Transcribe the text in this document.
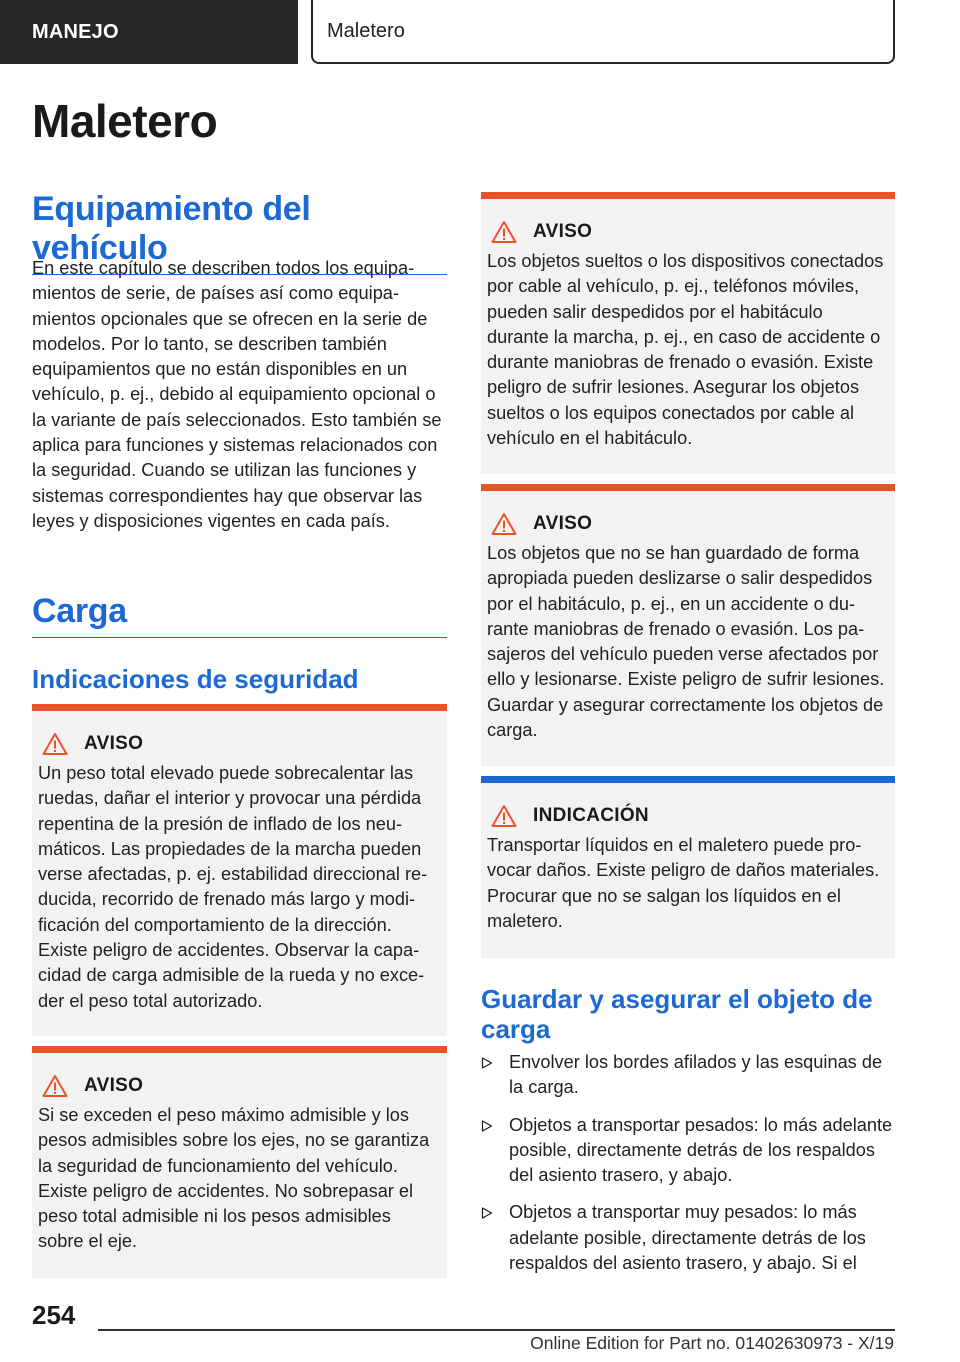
MANEJO	Maletero
Maletero
Equipamiento del vehículo

En este capítulo se describen todos los equipamientos de serie, de países así como equipamientos opcionales que se ofrecen en la serie de modelos. Por lo tanto, se describen también equipamientos que no están disponibles en un vehículo, p. ej., debido al equipamiento opcional o la variante de país seleccionados. Esto también se aplica para funciones y sistemas relacionados con la seguridad. Cuando se utilizan las funciones y sistemas correspondientes hay que observar las leyes y disposiciones vigentes en cada país.

Carga
Indicaciones de seguridad
AVISO

Un peso total elevado puede sobrecalentar las ruedas, dañar el interior y provocar una pérdida repentina de la presión de inflado de los neumáticos. Las propiedades de la marcha pueden verse afectadas, p. ej. estabilidad direccional reducida, recorrido de frenado más largo y modificación del comportamiento de la dirección. Existe peligro de accidentes. Observar la capacidad de carga admisible de la rueda y no exceder el peso total autorizado.

AVISO

Si se exceden el peso máximo admisible y los pesos admisibles sobre los ejes, no se garantiza la seguridad de funcionamiento del vehículo. Existe peligro de accidentes. No sobrepasar el peso total admisible ni los pesos admisibles sobre el eje.

AVISO

Los objetos sueltos o los dispositivos conectados por cable al vehículo, p. ej., teléfonos móviles, pueden salir despedidos por el habitáculo durante la marcha, p. ej., en caso de accidente o durante maniobras de frenado o evasión. Existe peligro de sufrir lesiones. Asegurar los objetos sueltos o los equipos conectados por cable al vehículo en el habitáculo.

AVISO

Los objetos que no se han guardado de forma apropiada pueden deslizarse o salir despedidos por el habitáculo, p. ej., en un accidente o durante maniobras de frenado o evasión. Los pasajeros del vehículo pueden verse afectados por ello y lesionarse. Existe peligro de sufrir lesiones. Guardar y asegurar correctamente los objetos de carga.

INDICACIÓN

Transportar líquidos en el maletero puede provocar daños. Existe peligro de daños materiales. Procurar que no se salgan los líquidos en el maletero.

Guardar y asegurar el objeto de carga
Envolver los bordes afilados y las esquinas de la carga.
Objetos a transportar pesados: lo más adelante posible, directamente detrás de los respaldos del asiento trasero, y abajo.
Objetos a transportar muy pesados: lo más adelante posible, directamente detrás de los respaldos del asiento trasero, y abajo. Si el
254
Online Edition for Part no. 01402630973 - X/19
